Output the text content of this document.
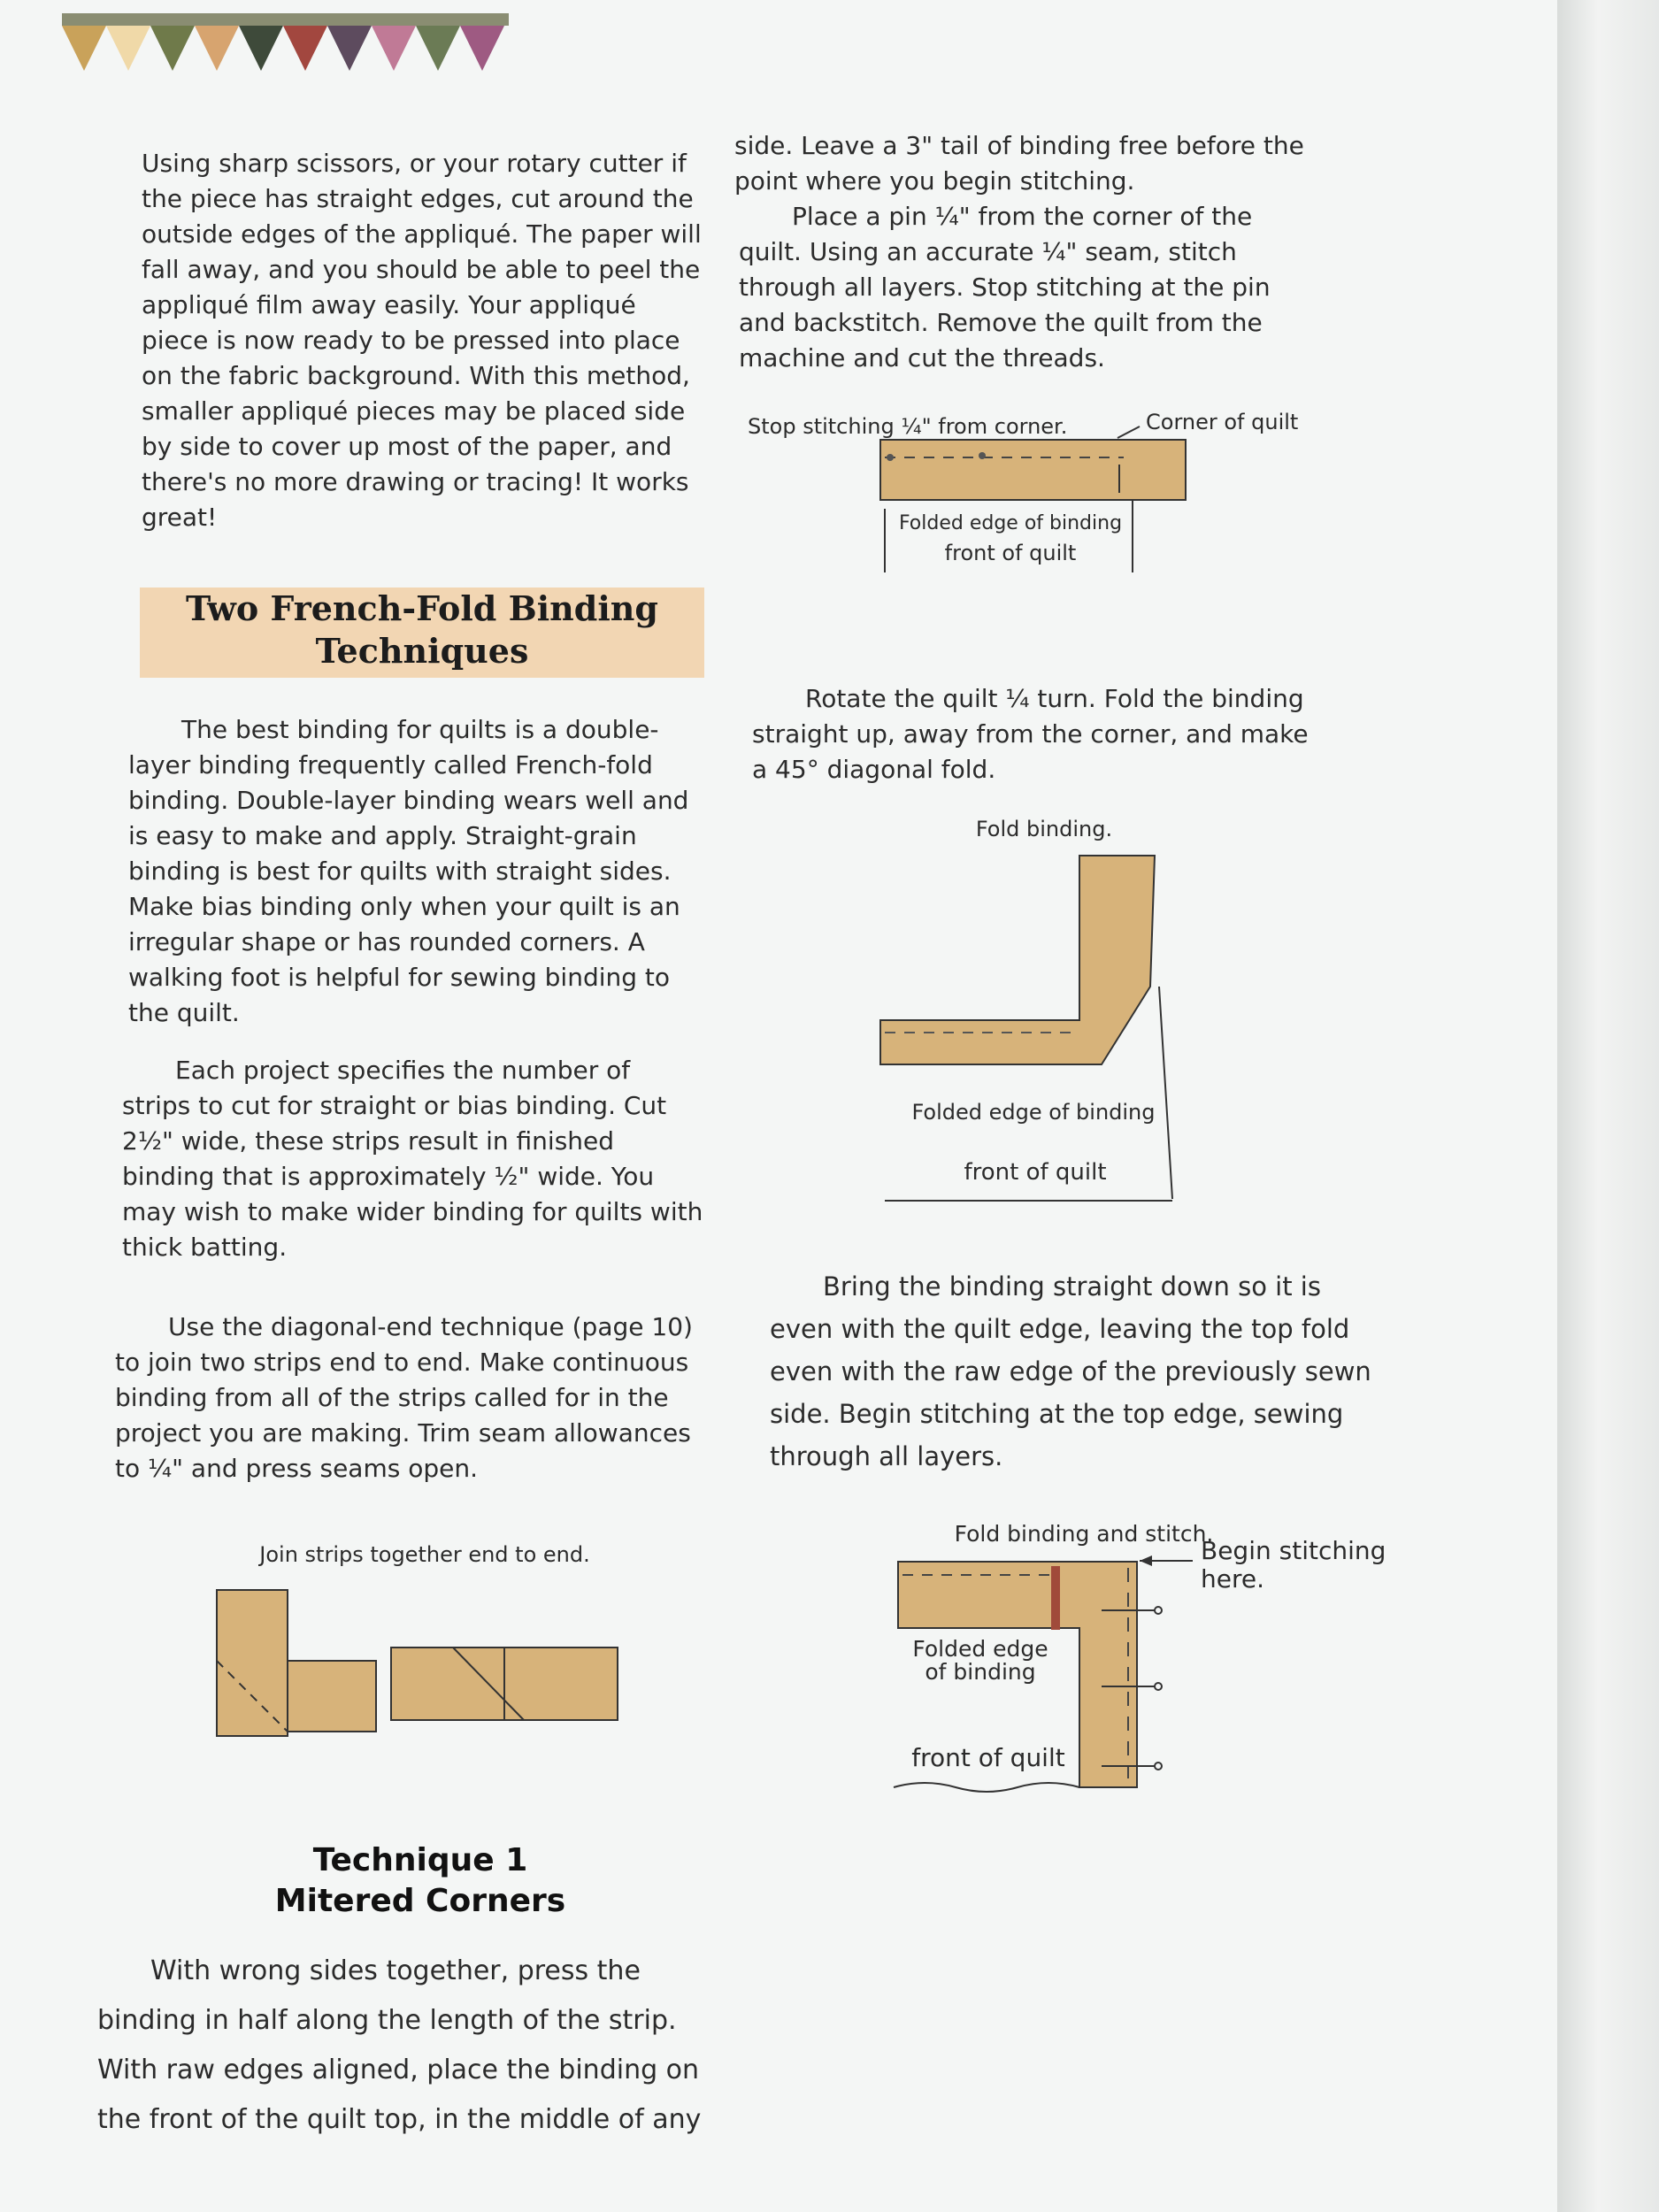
Using sharp scissors, or your rotary cutter if the piece has straight edges, cut around the outside edges of the appliqué. The paper will fall away, and you should be able to peel the appliqué film away easily. Your appliqué piece is now ready to be pressed into place on the fabric background. With this method, smaller appliqué pieces may be placed side by side to cover up most of the paper, and there's no more drawing or tracing! It works great!

Two French-Fold Binding Techniques

The best binding for quilts is a double-layer binding frequently called French-fold binding. Double-layer binding wears well and is easy to make and apply. Straight-grain binding is best for quilts with straight sides. Make bias binding only when your quilt is an irregular shape or has rounded corners. A walking foot is helpful for sewing binding to the quilt.

Each project specifies the number of strips to cut for straight or bias binding. Cut 2½" wide, these strips result in finished binding that is approximately ½" wide. You may wish to make wider binding for quilts with thick batting.

Use the diagonal-end technique (page 10) to join two strips end to end. Make continuous binding from all of the strips called for in the project you are making. Trim seam allowances to ¼" and press seams open.

Join strips together end to end.

Technique 1 Mitered Corners

With wrong sides together, press the binding in half along the length of the strip. With raw edges aligned, place the binding on the front of the quilt top, in the middle of any

side. Leave a 3" tail of binding free before the point where you begin stitching.

Place a pin ¼" from the corner of the quilt. Using an accurate ¼" seam, stitch through all layers. Stop stitching at the pin and backstitch. Remove the quilt from the machine and cut the threads.

Stop stitching ¼" from corner.	Corner of quilt
Folded edge of binding
front of quilt

Rotate the quilt ¼ turn. Fold the binding straight up, away from the corner, and make a 45° diagonal fold.

Fold binding.
Folded edge of binding
front of quilt

Bring the binding straight down so it is even with the quilt edge, leaving the top fold even with the raw edge of the previously sewn side. Begin stitching at the top edge, sewing through all layers.

Fold binding and stitch.
Begin stitching
here.
Folded edge
of binding
front of quilt
